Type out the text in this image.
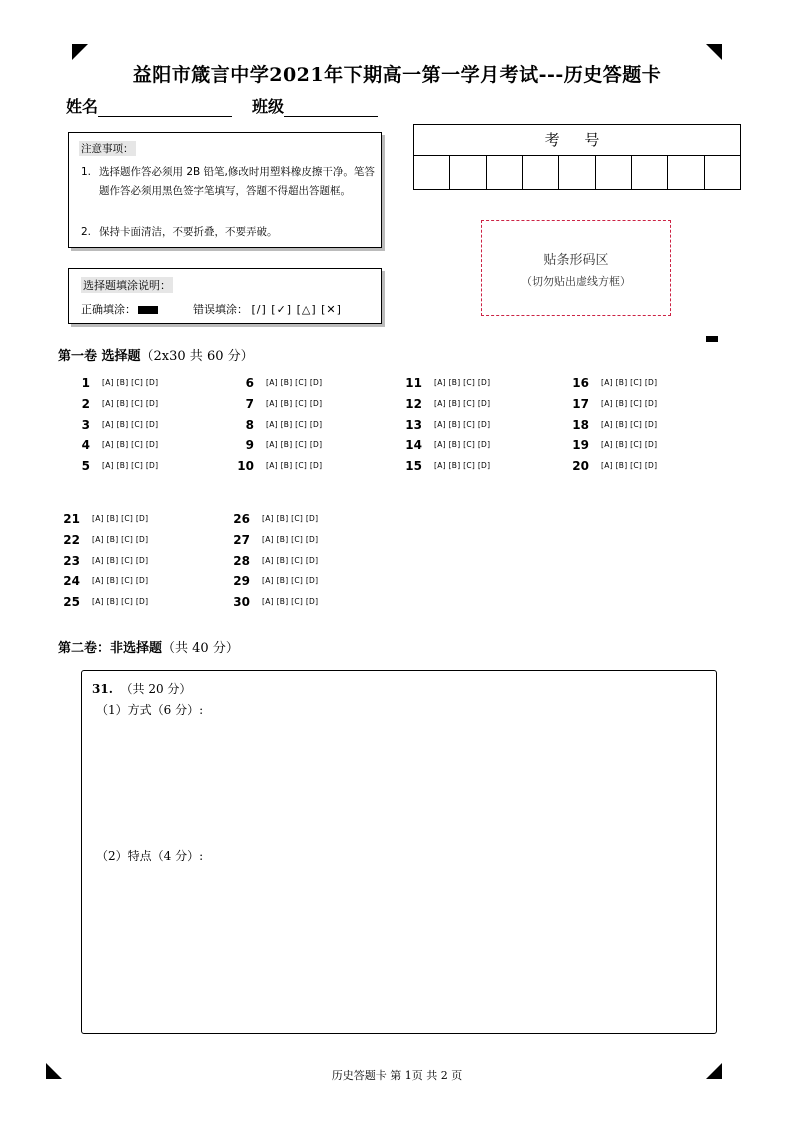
益阳市箴言中学2021年下期高一第一学月考试---历史答题卡
姓名	班级
注意事项：
1. 选择题作答必须用 2B 铅笔,修改时用塑料橡皮擦干净。笔答题作答必须用黑色签字笔填写，答题不得超出答题框。
2. 保持卡面清洁，不要折叠，不要弄破。
选择题填涂说明：
正确填涂：	错误填涂： [/] [✓] [△] [✕]
考 号
贴条形码区
（切勿贴出虚线方框）
第一卷 选择题（2x30 共 60 分）
1 [A] [B] [C] [D]
2 [A] [B] [C] [D]
3 [A] [B] [C] [D]
4 [A] [B] [C] [D]
5 [A] [B] [C] [D]
6 [A] [B] [C] [D]
7 [A] [B] [C] [D]
8 [A] [B] [C] [D]
9 [A] [B] [C] [D]
10 [A] [B] [C] [D]
11 [A] [B] [C] [D]
12 [A] [B] [C] [D]
13 [A] [B] [C] [D]
14 [A] [B] [C] [D]
15 [A] [B] [C] [D]
16 [A] [B] [C] [D]
17 [A] [B] [C] [D]
18 [A] [B] [C] [D]
19 [A] [B] [C] [D]
20 [A] [B] [C] [D]
21 [A] [B] [C] [D]
22 [A] [B] [C] [D]
23 [A] [B] [C] [D]
24 [A] [B] [C] [D]
25 [A] [B] [C] [D]
26 [A] [B] [C] [D]
27 [A] [B] [C] [D]
28 [A] [B] [C] [D]
29 [A] [B] [C] [D]
30 [A] [B] [C] [D]
第二卷：非选择题（共 40 分）
31. （共 20 分）
（1）方式（6 分）:
（2）特点（4 分）:
历史答题卡 第 1页 共 2 页
